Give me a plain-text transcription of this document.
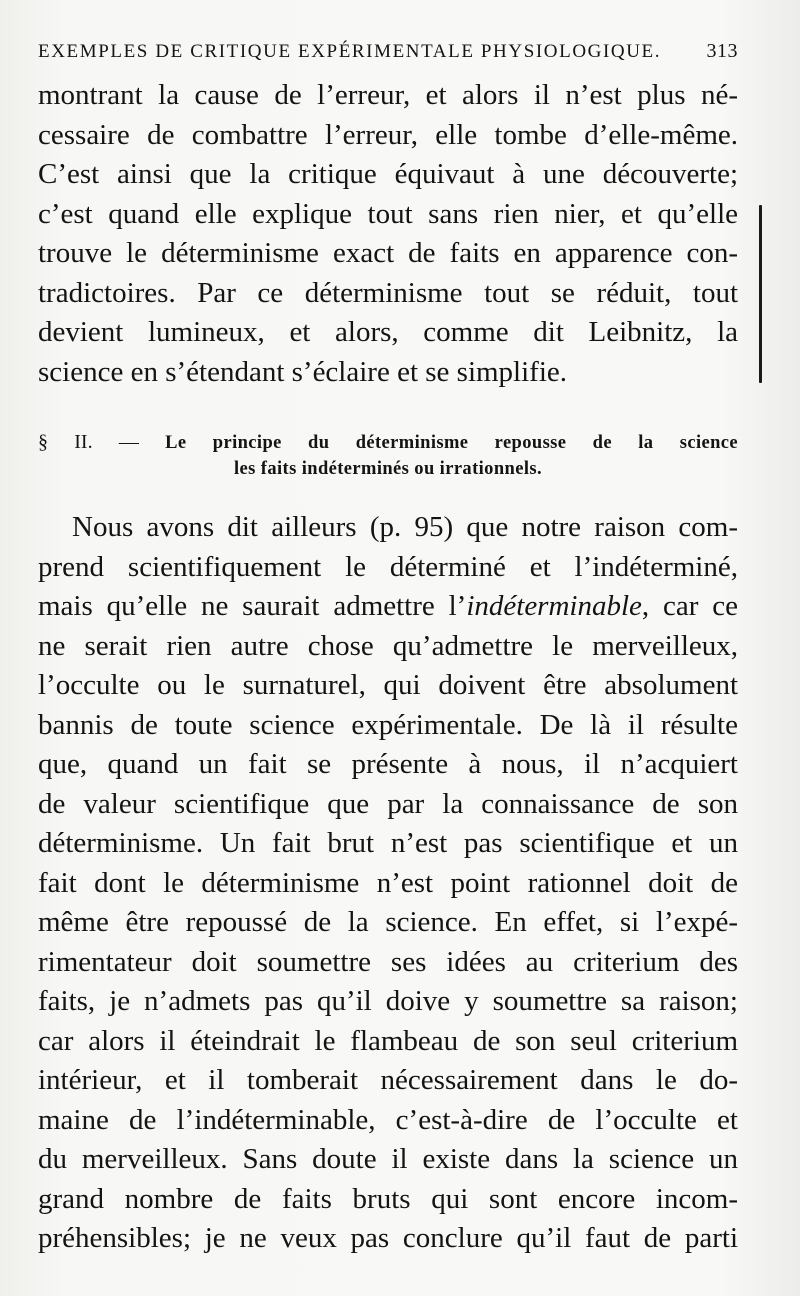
EXEMPLES DE CRITIQUE EXPÉRIMENTALE PHYSIOLOGIQUE. 313
montrant la cause de l’erreur, et alors il n’est plus né-
cessaire de combattre l’erreur, elle tombe d’elle-même.
C’est ainsi que la critique équivaut à une découverte;
c’est quand elle explique tout sans rien nier, et qu’elle
trouve le déterminisme exact de faits en apparence con-
tradictoires. Par ce déterminisme tout se réduit, tout
devient lumineux, et alors, comme dit Leibnitz, la
science en s’étendant s’éclaire et se simplifie.
§ II. — Le principe du déterminisme repousse de la science
les faits indéterminés ou irrationnels.
Nous avons dit ailleurs (p. 95) que notre raison com-
prend scientifiquement le déterminé et l’indéterminé,
mais qu’elle ne saurait admettre l’indéterminable, car ce
ne serait rien autre chose qu’admettre le merveilleux,
l’occulte ou le surnaturel, qui doivent être absolument
bannis de toute science expérimentale. De là il résulte
que, quand un fait se présente à nous, il n’acquiert
de valeur scientifique que par la connaissance de son
déterminisme. Un fait brut n’est pas scientifique et un
fait dont le déterminisme n’est point rationnel doit de
même être repoussé de la science. En effet, si l’expé-
rimentateur doit soumettre ses idées au criterium des
faits, je n’admets pas qu’il doive y soumettre sa raison;
car alors il éteindrait le flambeau de son seul criterium
intérieur, et il tomberait nécessairement dans le do-
maine de l’indéterminable, c’est-à-dire de l’occulte et
du merveilleux. Sans doute il existe dans la science un
grand nombre de faits bruts qui sont encore incom-
préhensibles; je ne veux pas conclure qu’il faut de parti
